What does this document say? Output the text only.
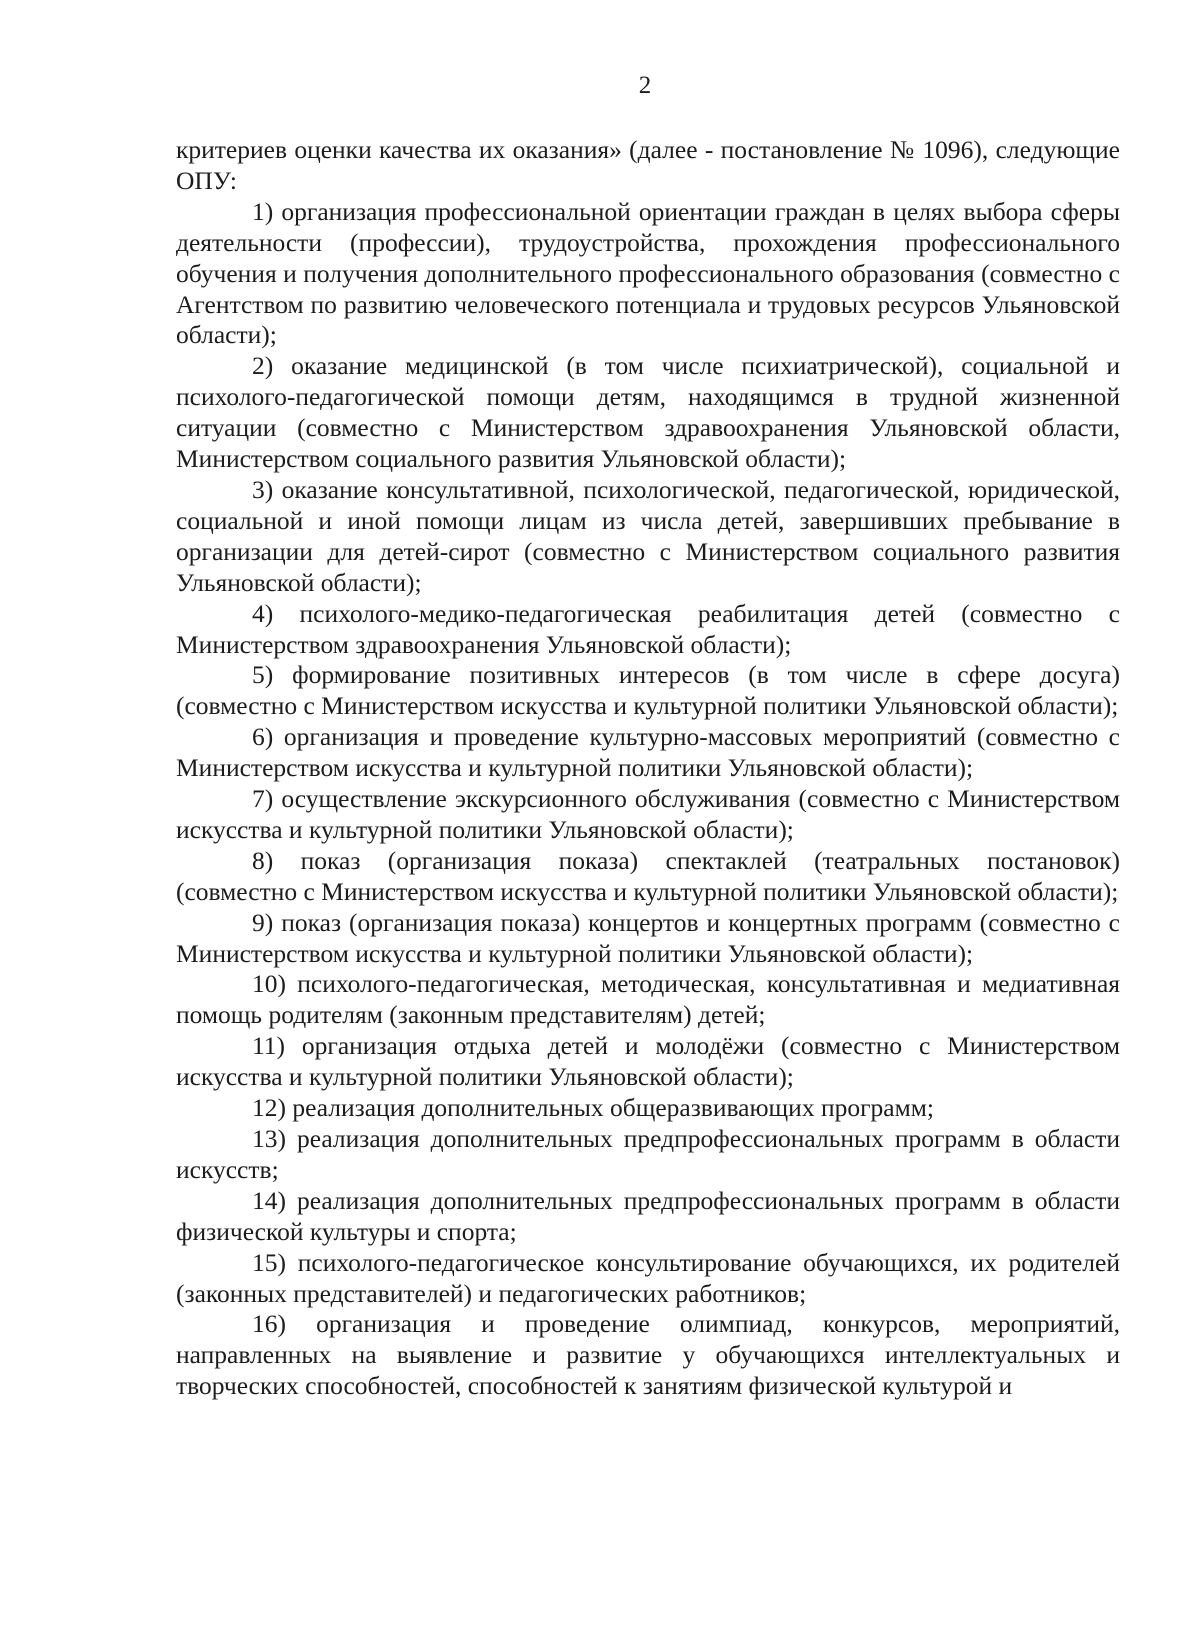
2

критериев оценки качества их оказания» (далее - постановление № 1096), следующие ОПУ:

1) организация профессиональной ориентации граждан в целях выбора сферы деятельности (профессии), трудоустройства, прохождения профессионального обучения и получения дополнительного профессионального образования (совместно с Агентством по развитию человеческого потенциала и трудовых ресурсов Ульяновской области);

2) оказание медицинской (в том числе психиатрической), социальной и психолого-педагогической помощи детям, находящимся в трудной жизненной ситуации (совместно с Министерством здравоохранения Ульяновской области, Министерством социального развития Ульяновской области);

3) оказание консультативной, психологической, педагогической, юридической, социальной и иной помощи лицам из числа детей, завершивших пребывание в организации для детей-сирот (совместно с Министерством социального развития Ульяновской области);

4) психолого-медико-педагогическая реабилитация детей (совместно с Министерством здравоохранения Ульяновской области);

5) формирование позитивных интересов (в том числе в сфере досуга) (совместно с Министерством искусства и культурной политики Ульяновской области);

6) организация и проведение культурно-массовых мероприятий (совместно с Министерством искусства и культурной политики Ульяновской области);

7) осуществление экскурсионного обслуживания (совместно с Министерством искусства и культурной политики Ульяновской области);

8) показ (организация показа) спектаклей (театральных постановок) (совместно с Министерством искусства и культурной политики Ульяновской области);

9) показ (организация показа) концертов и концертных программ (совместно с Министерством искусства и культурной политики Ульяновской области);

10) психолого-педагогическая, методическая, консультативная и медиативная помощь родителям (законным представителям) детей;

11) организация отдыха детей и молодёжи (совместно с Министерством искусства и культурной политики Ульяновской области);

12) реализация дополнительных общеразвивающих программ;

13) реализация дополнительных предпрофессиональных программ в области искусств;

14) реализация дополнительных предпрофессиональных программ в области физической культуры и спорта;

15) психолого-педагогическое консультирование обучающихся, их родителей (законных представителей) и педагогических работников;

16) организация и проведение олимпиад, конкурсов, мероприятий, направленных на выявление и развитие у обучающихся интеллектуальных и творческих способностей, способностей к занятиям физической культурой и
